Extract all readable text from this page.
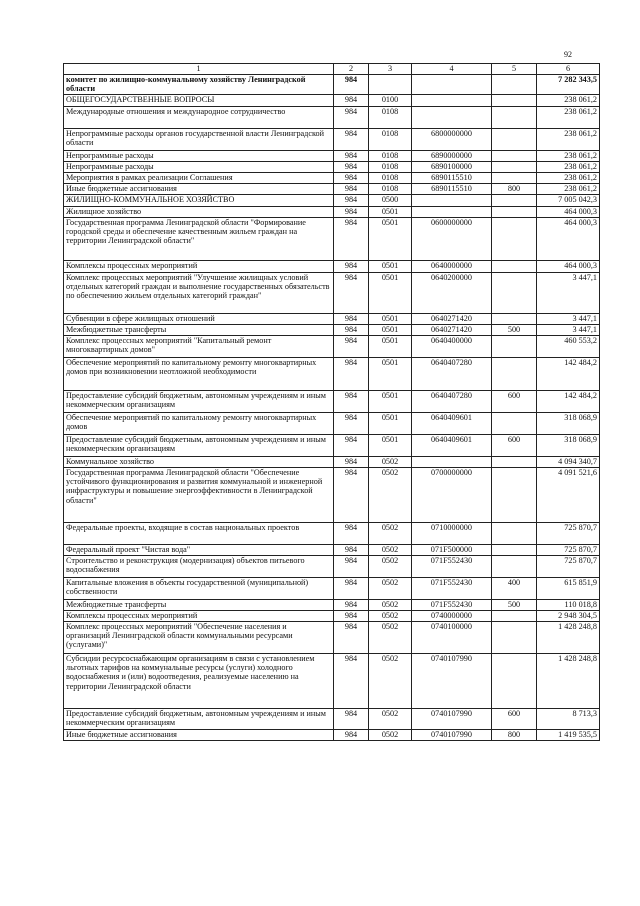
92
1	2	3	4	5	6
комитет по жилищно-коммунальному хозяйству Ленинградской области	984				7 282 343,5
ОБЩЕГОСУДАРСТВЕННЫЕ ВОПРОСЫ	984	0100			238 061,2
Международные отношения и международное сотрудничество	984	0108			238 061,2
Непрограммные расходы органов государственной власти Ленинградской области	984	0108	6800000000		238 061,2
Непрограммные расходы	984	0108	6890000000		238 061,2
Непрограммные расходы	984	0108	6890100000		238 061,2
Мероприятия в рамках реализации Соглашения	984	0108	6890115510		238 061,2
Иные бюджетные ассигнования	984	0108	6890115510	800	238 061,2
ЖИЛИЩНО-КОММУНАЛЬНОЕ ХОЗЯЙСТВО	984	0500			7 005 042,3
Жилищное хозяйство	984	0501			464 000,3
Государственная программа Ленинградской области "Формирование городской среды и обеспечение качественным жильем граждан на территории Ленинградской области"	984	0501	0600000000		464 000,3
Комплексы процессных мероприятий	984	0501	0640000000		464 000,3
Комплекс процессных мероприятий "Улучшение жилищных условий отдельных категорий граждан и выполнение государственных обязательств по обеспечению жильем отдельных категорий граждан"	984	0501	0640200000		3 447,1
Субвенции в сфере жилищных отношений	984	0501	0640271420		3 447,1
Межбюджетные трансферты	984	0501	0640271420	500	3 447,1
Комплекс процессных мероприятий "Капитальный ремонт многоквартирных домов"	984	0501	0640400000		460 553,2
Обеспечение мероприятий по капитальному ремонту многоквартирных домов при возникновении неотложной необходимости	984	0501	0640407280		142 484,2
Предоставление субсидий бюджетным, автономным учреждениям и иным некоммерческим организациям	984	0501	0640407280	600	142 484,2
Обеспечение мероприятий по капитальному ремонту многоквартирных домов	984	0501	0640409601		318 068,9
Предоставление субсидий бюджетным, автономным учреждениям и иным некоммерческим организациям	984	0501	0640409601	600	318 068,9
Коммунальное хозяйство	984	0502			4 094 340,7
Государственная программа Ленинградской области "Обеспечение устойчивого функционирования и развития коммунальной и инженерной инфраструктуры и повышение энергоэффективности в Ленинградской области"	984	0502	0700000000		4 091 521,6
Федеральные проекты, входящие в состав национальных проектов	984	0502	0710000000		725 870,7
Федеральный проект "Чистая вода"	984	0502	071F500000		725 870,7
Строительство и реконструкция (модернизация) объектов питьевого водоснабжения	984	0502	071F552430		725 870,7
Капитальные вложения в объекты государственной (муниципальной) собственности	984	0502	071F552430	400	615 851,9
Межбюджетные трансферты	984	0502	071F552430	500	110 018,8
Комплексы процессных мероприятий	984	0502	0740000000		2 948 304,5
Комплекс процессных мероприятий "Обеспечение населения и организаций Ленинградской области коммунальными ресурсами (услугами)"	984	0502	0740100000		1 428 248,8
Субсидии ресурсоснабжающим организациям в связи с установлением льготных тарифов на коммунальные ресурсы (услуги) холодного водоснабжения и (или) водоотведения, реализуемые населению на территории Ленинградской области	984	0502	0740107990		1 428 248,8
Предоставление субсидий бюджетным, автономным учреждениям и иным некоммерческим организациям	984	0502	0740107990	600	8 713,3
Иные бюджетные ассигнования	984	0502	0740107990	800	1 419 535,5
